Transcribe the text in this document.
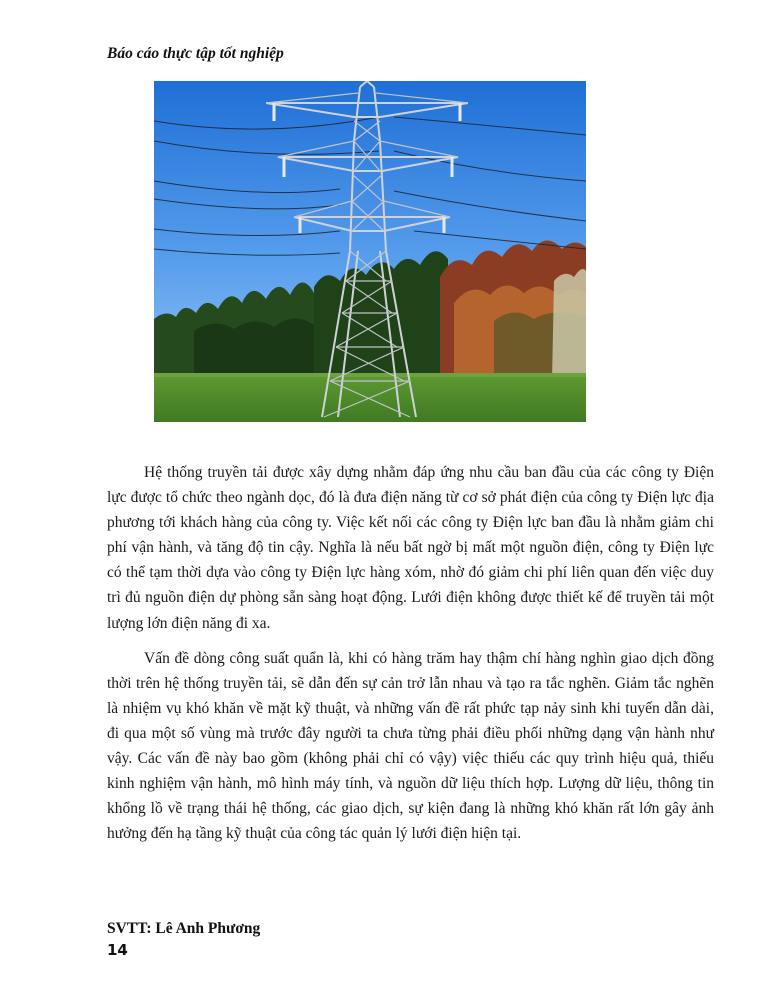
Báo cáo thực tập tốt nghiệp

Hệ thống truyền tải được xây dựng nhằm đáp ứng nhu cầu ban đầu của các công ty Điện lực được tổ chức theo ngành dọc, đó là đưa điện năng từ cơ sở phát điện của công ty Điện lực địa phương tới khách hàng của công ty. Việc kết nối các công ty Điện lực ban đầu là nhằm giảm chi phí vận hành, và tăng độ tin cậy. Nghĩa là nếu bất ngờ bị mất một nguồn điện, công ty Điện lực có thể tạm thời dựa vào công ty Điện lực hàng xóm, nhờ đó giảm chi phí liên quan đến việc duy trì đủ nguồn điện dự phòng sẵn sàng hoạt động. Lưới điện không được thiết kế để truyền tải một lượng lớn điện năng đi xa.

Vấn đề dòng công suất quẩn là, khi có hàng trăm hay thậm chí hàng nghìn giao dịch đồng thời trên hệ thống truyền tải, sẽ dẫn đến sự cản trở lẫn nhau và tạo ra tắc nghẽn. Giảm tắc nghẽn là nhiệm vụ khó khăn về mặt kỹ thuật, và những vấn đề rất phức tạp nảy sinh khi tuyến dẫn dài, đi qua một số vùng mà trước đây người ta chưa từng phải điều phối những dạng vận hành như vậy. Các vấn đề này bao gồm (không phải chỉ có vậy) việc thiếu các quy trình hiệu quả, thiếu kinh nghiệm vận hành, mô hình máy tính, và nguồn dữ liệu thích hợp. Lượng dữ liệu, thông tin khổng lồ về trạng thái hệ thống, các giao dịch, sự kiện đang là những khó khăn rất lớn gây ảnh hưởng đến hạ tầng kỹ thuật của công tác quản lý lưới điện hiện tại.

SVTT: Lê Anh Phương
14
